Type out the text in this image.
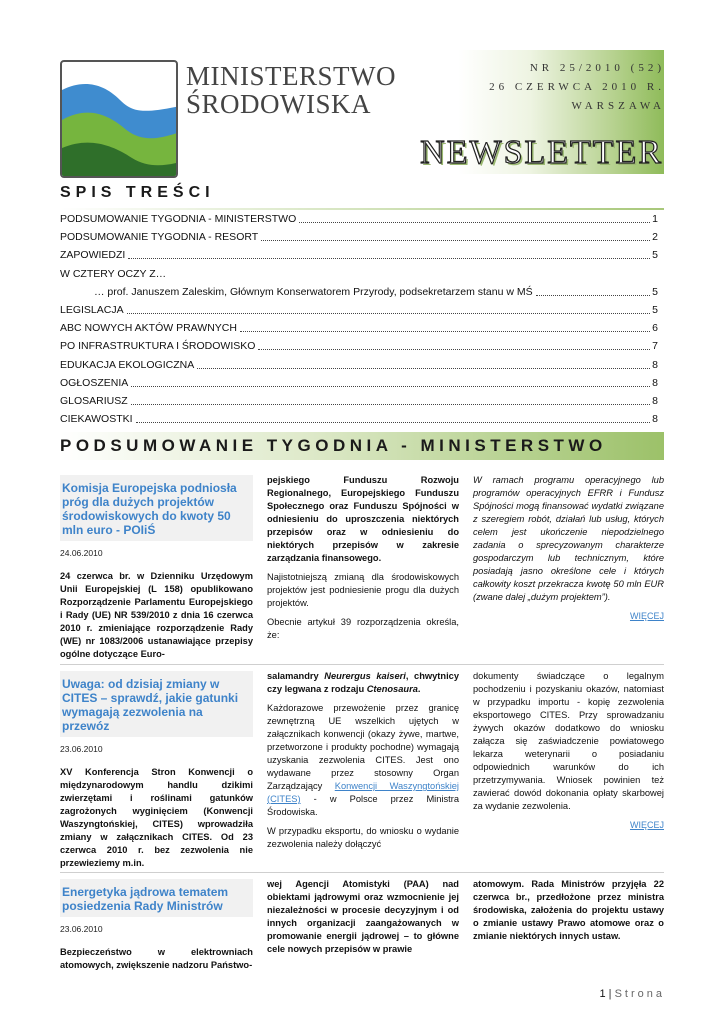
MINISTERSTWO
ŚRODOWISKA
NR 25/2010 (52)
26 CZERWCA 2010 R.
WARSZAWA
NEWSLETTER
SPIS TREŚCI
PODSUMOWANIE TYGODNIA - MINISTERSTWO	1
PODSUMOWANIE TYGODNIA - RESORT	2
ZAPOWIEDZI	5
W CZTERY OCZY Z…
… prof. Januszem Zaleskim, Głównym Konserwatorem Przyrody, podsekretarzem stanu w MŚ	5
LEGISLACJA	5
ABC NOWYCH AKTÓW PRAWNYCH	6
PO INFRASTRUKTURA I ŚRODOWISKO	7
EDUKACJA EKOLOGICZNA	8
OGŁOSZENIA	8
GLOSARIUSZ	8
CIEKAWOSTKI	8
PODSUMOWANIE TYGODNIA - MINISTERSTWO
Komisja Europejska podniosła próg dla dużych projektów środowiskowych do kwoty 50 mln euro - POIiŚ
24.06.2010

24 czerwca br. w Dzienniku Urzędowym Unii Europejskiej (L 158) opublikowano Rozporządzenie Parlamentu Europejskiego i Rady (UE) NR 539/2010 z dnia 16 czerwca 2010 r. zmieniające rozporządzenie Rady (WE) nr 1083/2006 ustanawiające przepisy ogólne dotyczące Euro-

pejskiego Funduszu Rozwoju Regionalnego, Europejskiego Funduszu Społecznego oraz Funduszu Spójności w odniesieniu do uproszczenia niektórych przepisów oraz w odniesieniu do niektórych przepisów w zakresie zarządzania finansowego.

Najistotniejszą zmianą dla środowiskowych projektów jest podniesienie progu dla dużych projektów.

Obecnie artykuł 39 rozporządzenia określa, że:

W ramach programu operacyjnego lub programów operacyjnych EFRR i Fundusz Spójności mogą finansować wydatki związane z szeregiem robót, działań lub usług, których celem jest ukończenie niepodzielnego zadania o sprecyzowanym charakterze gospodarczym lub technicznym, które posiadają jasno określone cele i których całkowity koszt przekracza kwotę 50 mln EUR (zwane dalej „dużym projektem”).

WIĘCEJ
Uwaga: od dzisiaj zmiany w CITES – sprawdź, jakie gatunki wymagają zezwolenia na przewóz
23.06.2010

XV Konferencja Stron Konwencji o międzynarodowym handlu dzikimi zwierzętami i roślinami gatunków zagrożonych wyginięciem (Konwencji Waszyngtońskiej, CITES) wprowadziła zmiany w załącznikach CITES. Od 23 czerwca 2010 r. bez zezwolenia nie przewieziemy m.in.

salamandry Neurergus kaiseri, chwytnicy czy legwana z rodzaju Ctenosaura.

Każdorazowe przewożenie przez granicę zewnętrzną UE wszelkich ujętych w załącznikach konwencji (okazy żywe, martwe, przetworzone i produkty pochodne) wymagają uzyskania zezwolenia CITES. Jest ono wydawane przez stosowny Organ Zarządzający Konwencji Waszyngtońskiej (CITES) - w Polsce przez Ministra Środowiska.

W przypadku eksportu, do wniosku o wydanie zezwolenia należy dołączyć

dokumenty świadczące o legalnym pochodzeniu i pozyskaniu okazów, natomiast w przypadku importu - kopię zezwolenia eksportowego CITES. Przy sprowadzaniu żywych okazów dodatkowo do wniosku załącza się zaświadczenie powiatowego lekarza weterynarii o posiadaniu odpowiednich warunków do ich przetrzymywania. Wniosek powinien też zawierać dowód dokonania opłaty skarbowej za wydanie zezwolenia.

WIĘCEJ
Energetyka jądrowa tematem posiedzenia Rady Ministrów
23.06.2010

Bezpieczeństwo w elektrowniach atomowych, zwiększenie nadzoru Państwo-

wej Agencji Atomistyki (PAA) nad obiektami jądrowymi oraz wzmocnienie jej niezależności w procesie decyzyjnym i od innych organizacji zaangażowanych w promowanie energii jądrowej – to główne cele nowych przepisów w prawie

atomowym. Rada Ministrów przyjęła 22 czerwca br., przedłożone przez ministra środowiska, założenia do projektu ustawy o zmianie ustawy Prawo atomowe oraz o zmianie niektórych innych ustaw.

1 | Strona
